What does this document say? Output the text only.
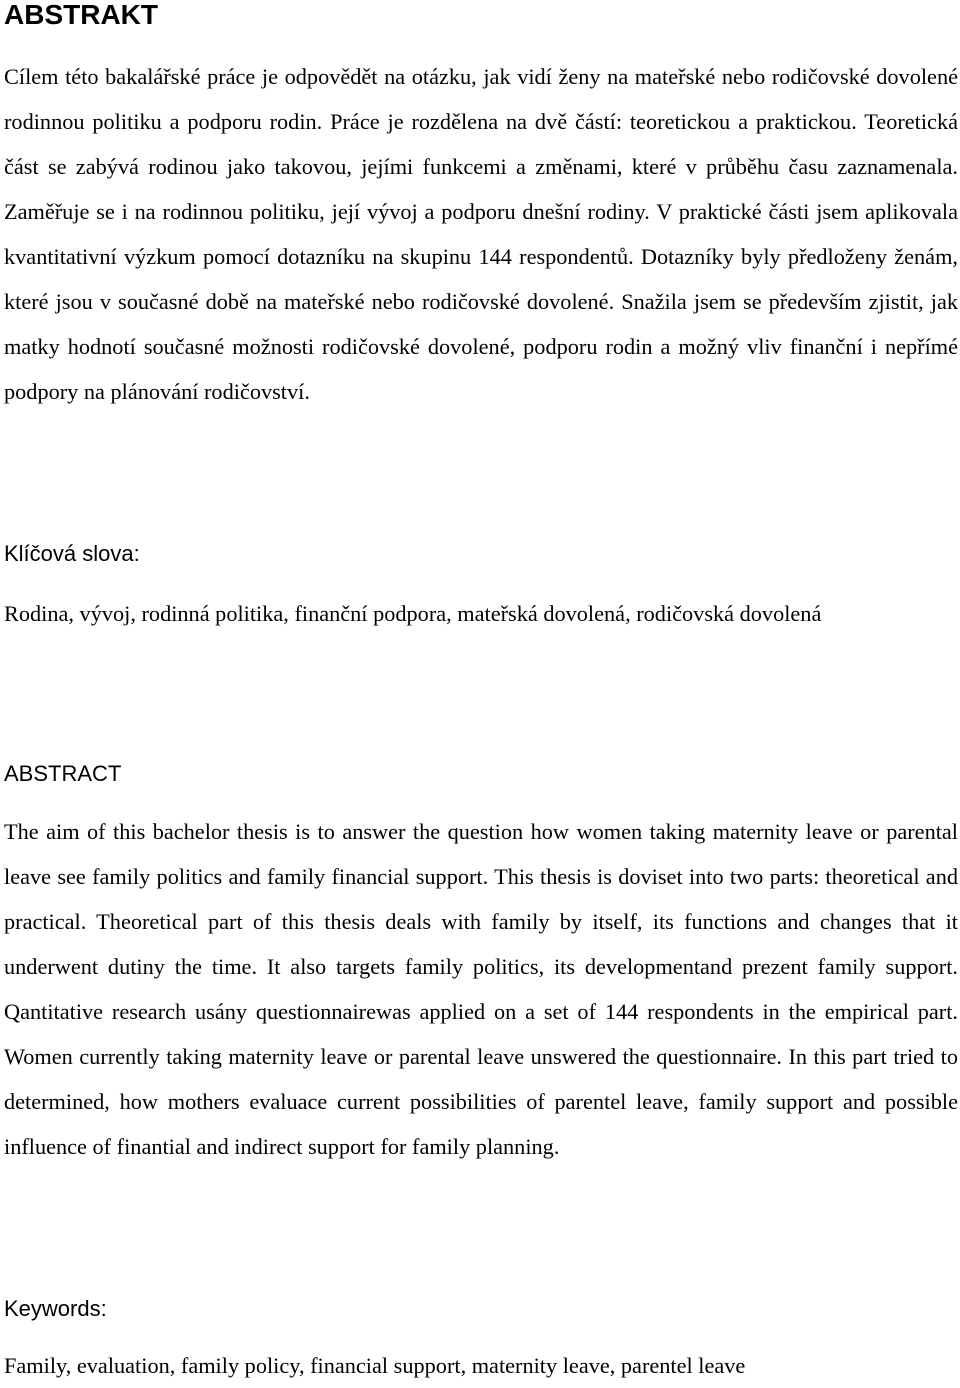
ABSTRAKT

Cílem této bakalářské práce je odpovědět na otázku, jak vidí ženy na mateřské nebo rodičovské dovolené rodinnou politiku a podporu rodin. Práce je rozdělena na dvě částí: teoretickou a praktickou. Teoretická část se zabývá rodinou jako takovou, jejími funkcemi a změnami, které v průběhu času zaznamenala. Zaměřuje se i na rodinnou politiku, její vývoj a podporu dnešní rodiny. V praktické části jsem aplikovala kvantitativní výzkum pomocí dotazníku na skupinu 144 respondentů. Dotazníky byly předloženy ženám, které jsou v současné době na mateřské nebo rodičovské dovolené. Snažila jsem se především zjistit, jak matky hodnotí současné možnosti rodičovské dovolené, podporu rodin a možný vliv finanční i nepřímé podpory na plánování rodičovství.

Klíčová slova:

Rodina, vývoj, rodinná politika, finanční podpora, mateřská dovolená, rodičovská dovolená

ABSTRACT

The aim of this bachelor thesis is to answer the question how women taking maternity leave or parental leave see family politics and family financial support. This thesis is doviset into two parts: theoretical and practical. Theoretical part of this thesis deals with family by itself, its functions and changes that it underwent dutiny the time. It also targets family politics, its developmentand prezent family support. Qantitative research usány questionnairewas applied on a set of 144 respondents in the empirical part. Women currently taking maternity leave or parental leave unswered the questionnaire. In this part tried to determined, how mothers evaluace current possibilities of parentel leave, family support and possible influence of finantial and indirect support for family planning.

Keywords:

Family, evaluation, family policy, financial support, maternity leave, parentel leave
